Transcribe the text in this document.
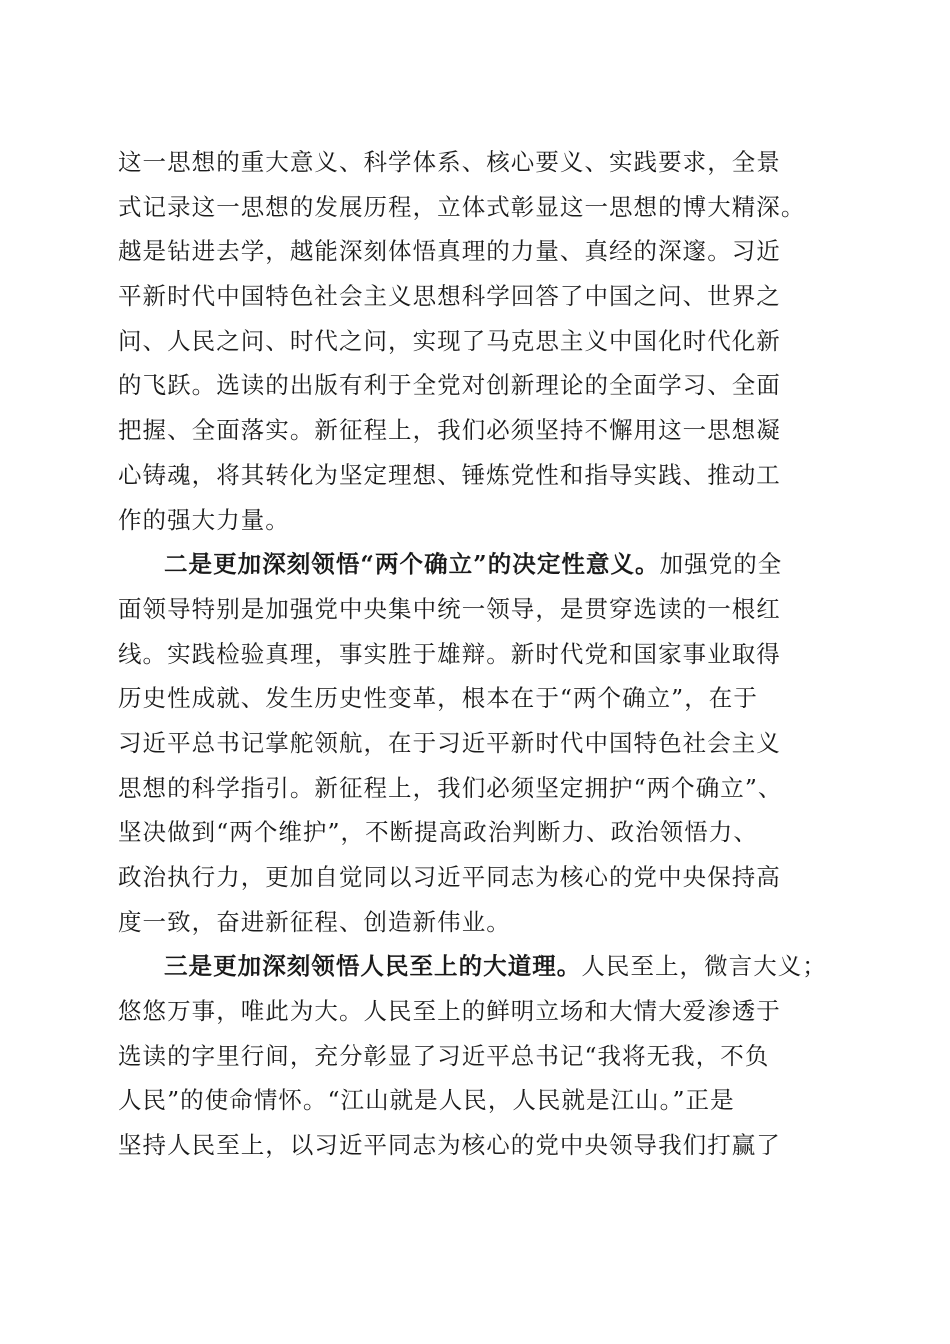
这一思想的重大意义、科学体系、核心要义、实践要求，全景
式记录这一思想的发展历程，立体式彰显这一思想的博大精深。
越是钻进去学，越能深刻体悟真理的力量、真经的深邃。习近
平新时代中国特色社会主义思想科学回答了中国之问、世界之
问、人民之问、时代之问，实现了马克思主义中国化时代化新
的飞跃。选读的出版有利于全党对创新理论的全面学习、全面
把握、全面落实。新征程上，我们必须坚持不懈用这一思想凝
心铸魂，将其转化为坚定理想、锤炼党性和指导实践、推动工
作的强大力量。
二是更加深刻领悟“两个确立”的决定性意义。加强党的全
面领导特别是加强党中央集中统一领导，是贯穿选读的一根红
线。实践检验真理，事实胜于雄辩。新时代党和国家事业取得
历史性成就、发生历史性变革，根本在于“两个确立”，在于
习近平总书记掌舵领航，在于习近平新时代中国特色社会主义
思想的科学指引。新征程上，我们必须坚定拥护“两个确立”、
坚决做到“两个维护”，不断提高政治判断力、政治领悟力、
政治执行力，更加自觉同以习近平同志为核心的党中央保持高
度一致，奋进新征程、创造新伟业。
三是更加深刻领悟人民至上的大道理。人民至上，微言大义；
悠悠万事，唯此为大。人民至上的鲜明立场和大情大爱渗透于
选读的字里行间，充分彰显了习近平总书记“我将无我，不负
人民”的使命情怀。“江山就是人民，人民就是江山。”正是
坚持人民至上，以习近平同志为核心的党中央领导我们打赢了
